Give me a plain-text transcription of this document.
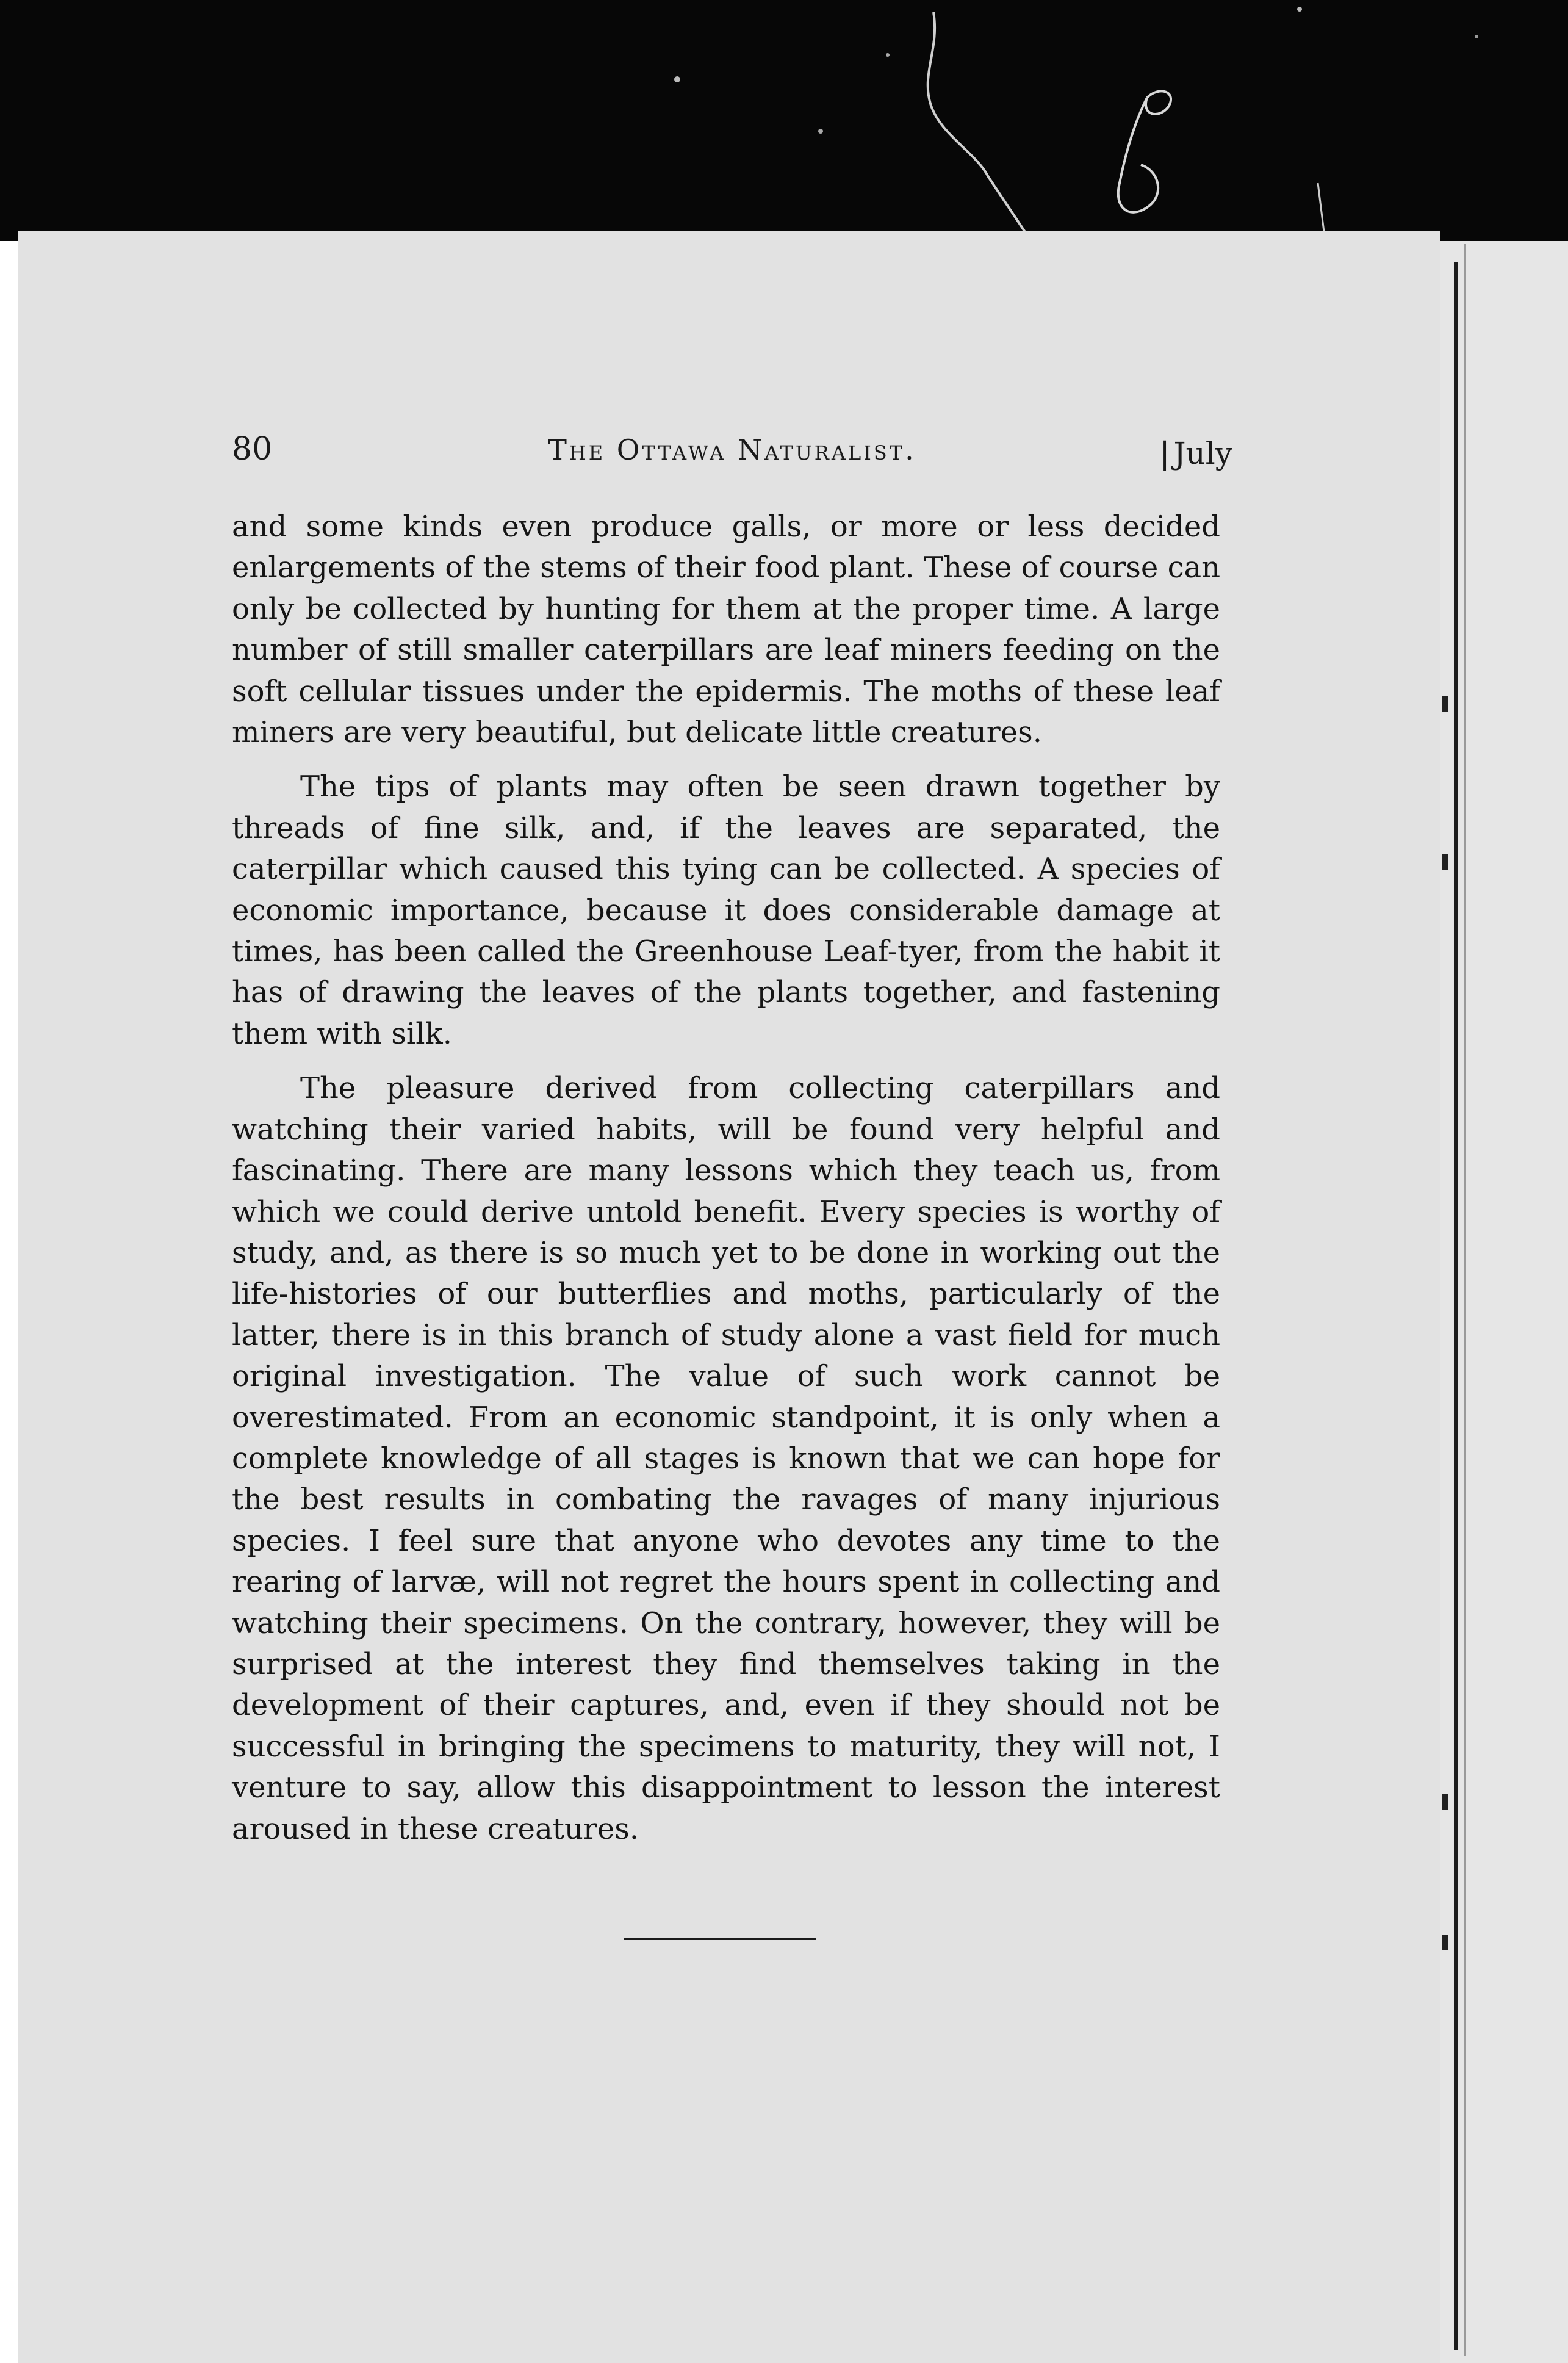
80	The Ottawa Naturalist.
|	July

and some kinds even produce galls, or more or less decided enlargements of the stems of their food plant. These of course can only be collected by hunting for them at the proper time. A large number of still smaller caterpillars are leaf miners feeding on the soft cellular tissues under the epidermis. The moths of these leaf miners are very beautiful, but delicate little creatures.

The tips of plants may often be seen drawn together by threads of fine silk, and, if the leaves are separated, the caterpillar which caused this tying can be collected. A species of economic importance, because it does considerable damage at times, has been called the Greenhouse Leaf-tyer, from the habit it has of drawing the leaves of the plants together, and fastening them with silk.

The pleasure derived from collecting caterpillars and watching their varied habits, will be found very helpful and fascinating. There are many lessons which they teach us, from which we could derive untold benefit. Every species is worthy of study, and, as there is so much yet to be done in working out the life-histories of our butterflies and moths, particularly of the latter, there is in this branch of study alone a vast field for much original investigation. The value of such work cannot be overestimated. From an economic standpoint, it is only when a complete knowledge of all stages is known that we can hope for the best results in combating the ravages of many injurious species. I feel sure that anyone who devotes any time to the rearing of larvæ, will not regret the hours spent in collecting and watching their specimens. On the contrary, however, they will be surprised at the interest they find themselves taking in the development of their captures, and, even if they should not be successful in bringing the specimens to maturity, they will not, I venture to say, allow this disappointment to lesson the interest aroused in these creatures.
